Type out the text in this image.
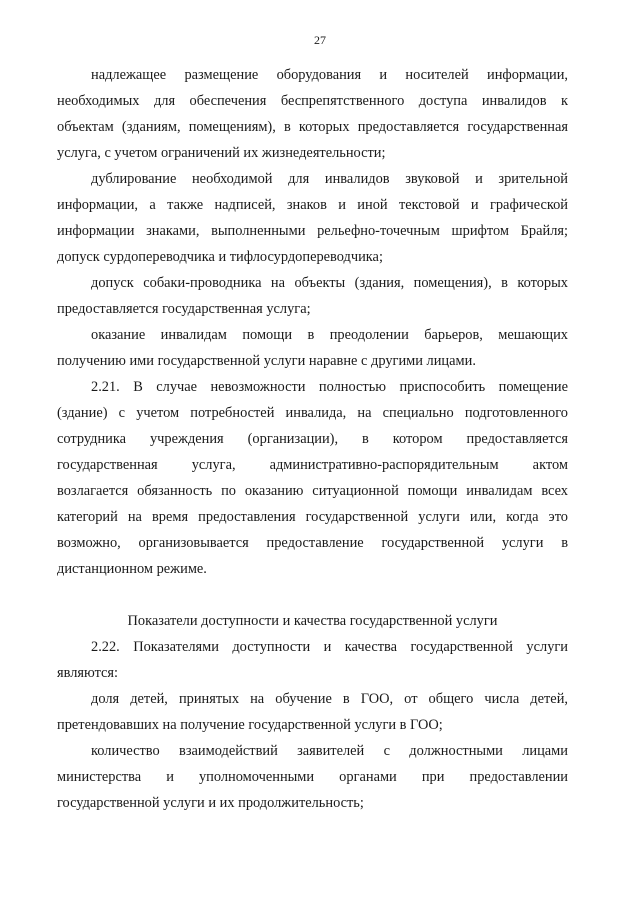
27
надлежащее размещение оборудования и носителей информации,
необходимых для обеспечения беспрепятственного доступа инвалидов к
объектам (зданиям, помещениям), в которых предоставляется государственная
услуга, с учетом ограничений их жизнедеятельности;
дублирование необходимой для инвалидов звуковой и зрительной
информации, а также надписей, знаков и иной текстовой и графической
информации знаками, выполненными рельефно-точечным шрифтом Брайля;
допуск сурдопереводчика и тифлосурдопереводчика;
допуск собаки-проводника на объекты (здания, помещения), в которых
предоставляется государственная услуга;
оказание инвалидам помощи в преодолении барьеров, мешающих
получению ими государственной услуги наравне с другими лицами.
2.21. В случае невозможности полностью приспособить помещение
(здание) с учетом потребностей инвалида, на специально подготовленного
сотрудника учреждения (организации), в котором предоставляется
государственная услуга, административно-распорядительным актом
возлагается обязанность по оказанию ситуационной помощи инвалидам всех
категорий на время предоставления государственной услуги или, когда это
возможно, организовывается предоставление государственной услуги в
дистанционном режиме.
Показатели доступности и качества государственной услуги
2.22. Показателями доступности и качества государственной услуги
являются:
доля детей, принятых на обучение в ГОО, от общего числа детей,
претендовавших на получение государственной услуги в ГОО;
количество взаимодействий заявителей с должностными лицами
министерства и уполномоченными органами при предоставлении
государственной услуги и их продолжительность;
